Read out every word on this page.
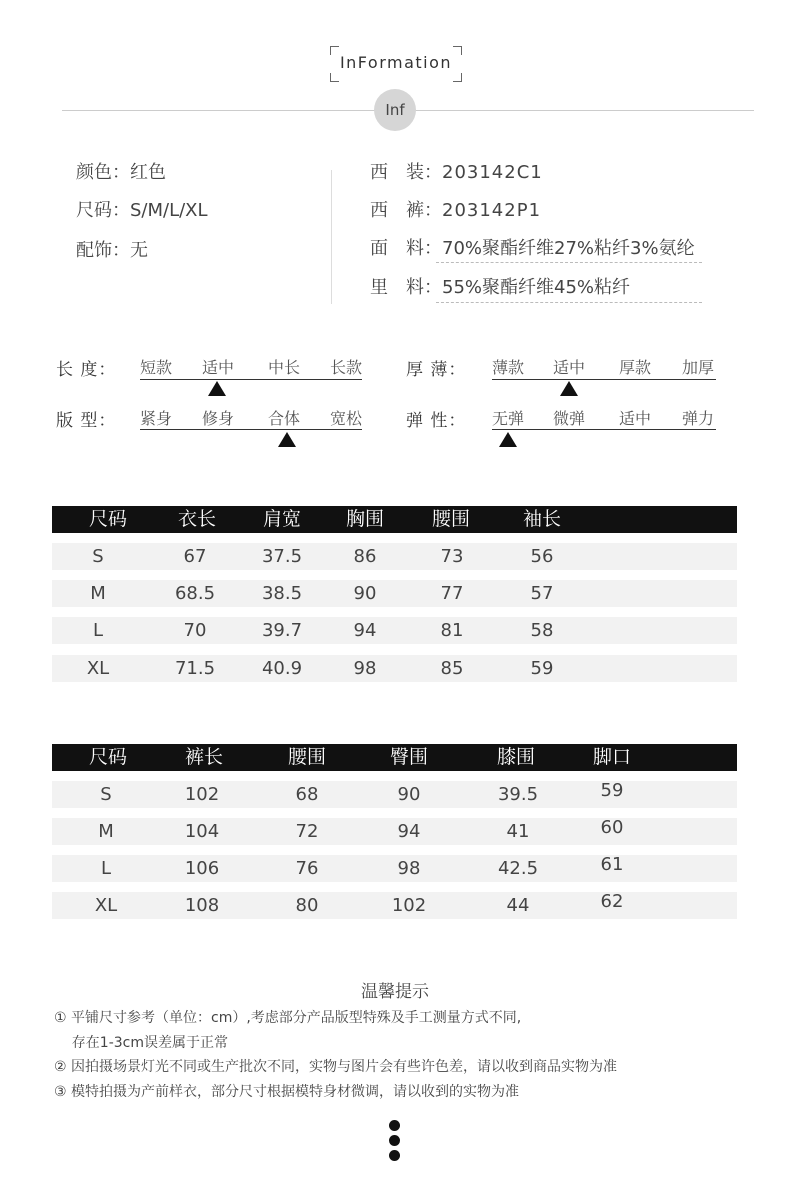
InFormation
Inf
颜色：红色
尺码：S/M/L/XL
配饰：无
西　装：203142C1
西　裤：203142P1
面　料：70%聚酯纤维27%粘纤3%氨纶
里　料：55%聚酯纤维45%粘纤
长 度： 短款 适中 中长 长款
版 型： 紧身 修身 合体 宽松
厚 薄： 薄款 适中 厚款 加厚
弹 性： 无弹 微弹 适中 弹力
尺码	衣长	肩宽	胸围	腰围	袖长
S	67	37.5	86	73	56
M	68.5	38.5	90	77	57
L	70	39.7	94	81	58
XL	71.5	40.9	98	85	59
尺码	裤长	腰围	臀围	膝围	脚口
S	102	68	90	39.5	59
M	104	72	94	41	60
L	106	76	98	42.5	61
XL	108	80	102	44	62
温馨提示
① 平铺尺寸参考（单位：cm）,考虑部分产品版型特殊及手工测量方式不同,
存在1-3cm误差属于正常
② 因拍摄场景灯光不同或生产批次不同，实物与图片会有些许色差，请以收到商品实物为准
③ 模特拍摄为产前样衣，部分尺寸根据模特身材微调，请以收到的实物为准
